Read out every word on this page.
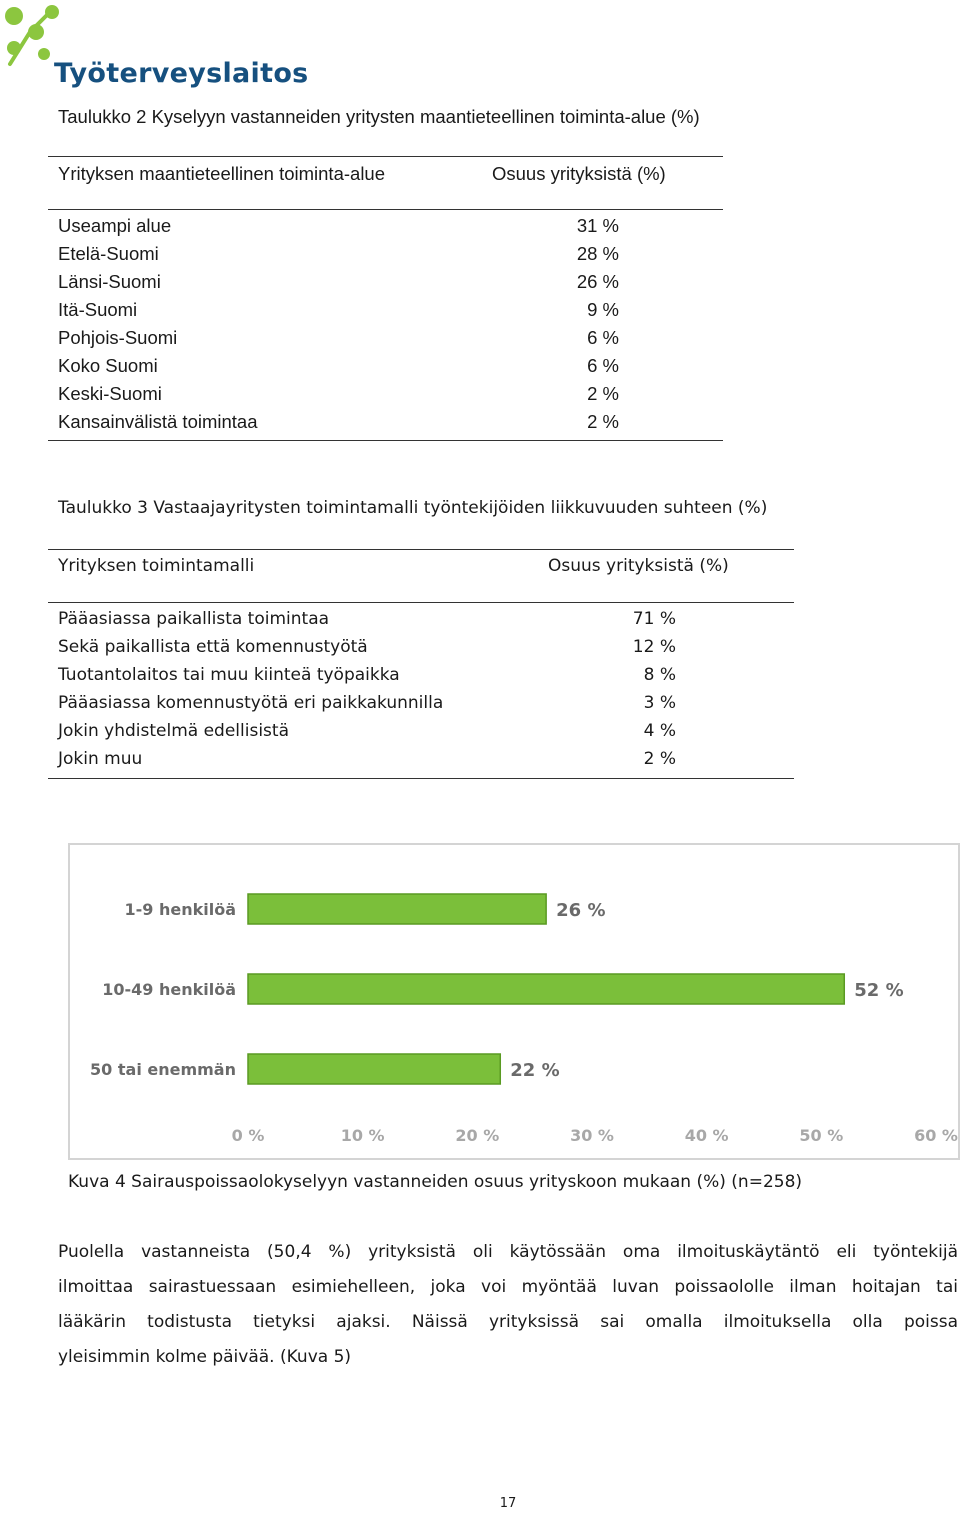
Työterveyslaitos
Taulukko 2 Kyselyyn vastanneiden yritysten maantieteellinen toiminta-alue (%)
Yrityksen maantieteellinen toiminta-alue	Osuus yrityksistä (%)
Useampi alue	31 %
Etelä-Suomi	28 %
Länsi-Suomi	26 %
Itä-Suomi	9 %
Pohjois-Suomi	6 %
Koko Suomi	6 %
Keski-Suomi	2 %
Kansainvälistä toimintaa	2 %
Taulukko 3 Vastaajayritysten toimintamalli työntekijöiden liikkuvuuden suhteen (%)
Yrityksen toimintamalli	Osuus yrityksistä (%)
Pääasiassa paikallista toimintaa	71 %
Sekä paikallista että komennustyötä	12 %
Tuotantolaitos tai muu kiinteä työpaikka	8 %
Pääasiassa komennustyötä eri paikkakunnilla	3 %
Jokin yhdistelmä edellisistä	4 %
Jokin muu	2 %
1-9 henkilöä	26 %
10-49 henkilöä	52 %
50 tai enemmän	22 %
0 %	10 %	20 %	30 %	40 %	50 %	60 %
Kuva 4 Sairauspoissaolokyselyyn vastanneiden osuus yrityskoon mukaan (%) (n=258)
Puolella vastanneista (50,4 %) yrityksistä oli käytössään oma ilmoituskäytäntö eli työntekijä
ilmoittaa sairastuessaan esimiehelleen, joka voi myöntää luvan poissaololle ilman hoitajan tai
lääkärin todistusta tietyksi ajaksi. Näissä yrityksissä sai omalla ilmoituksella olla poissa
yleisimmin kolme päivää. (Kuva 5)
17
